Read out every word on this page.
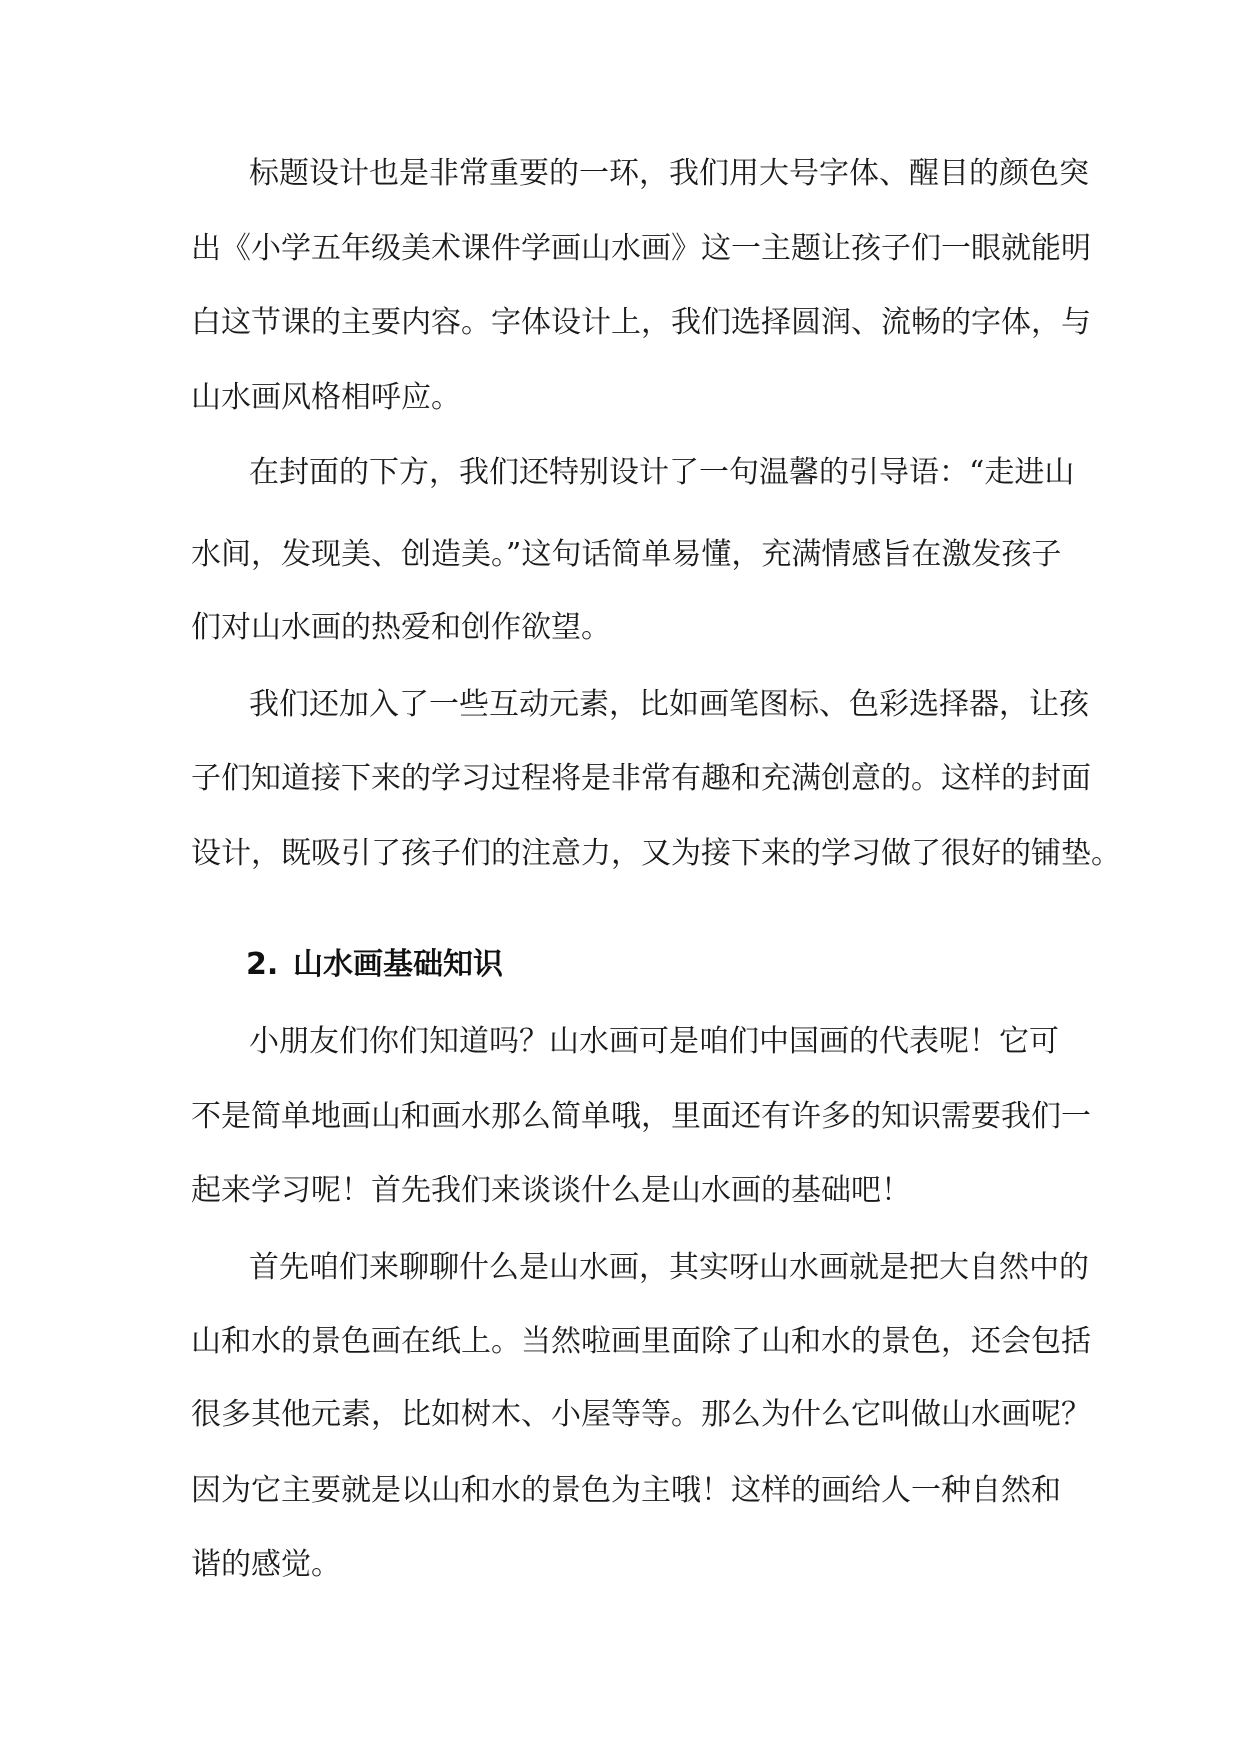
标题设计也是非常重要的一环，我们用大号字体、醒目的颜色突

出《小学五年级美术课件学画山水画》这一主题让孩子们一眼就能明

白这节课的主要内容。字体设计上，我们选择圆润、流畅的字体，与

山水画风格相呼应。

在封面的下方，我们还特别设计了一句温馨的引导语：“走进山

水间，发现美、创造美。”这句话简单易懂，充满情感旨在激发孩子

们对山水画的热爱和创作欲望。

我们还加入了一些互动元素，比如画笔图标、色彩选择器，让孩

子们知道接下来的学习过程将是非常有趣和充满创意的。这样的封面

设计，既吸引了孩子们的注意力，又为接下来的学习做了很好的铺垫。

2. 山水画基础知识

小朋友们你们知道吗？山水画可是咱们中国画的代表呢！它可

不是简单地画山和画水那么简单哦，里面还有许多的知识需要我们一

起来学习呢！首先我们来谈谈什么是山水画的基础吧！

首先咱们来聊聊什么是山水画，其实呀山水画就是把大自然中的

山和水的景色画在纸上。当然啦画里面除了山和水的景色，还会包括

很多其他元素，比如树木、小屋等等。那么为什么它叫做山水画呢？

因为它主要就是以山和水的景色为主哦！这样的画给人一种自然和

谐的感觉。
